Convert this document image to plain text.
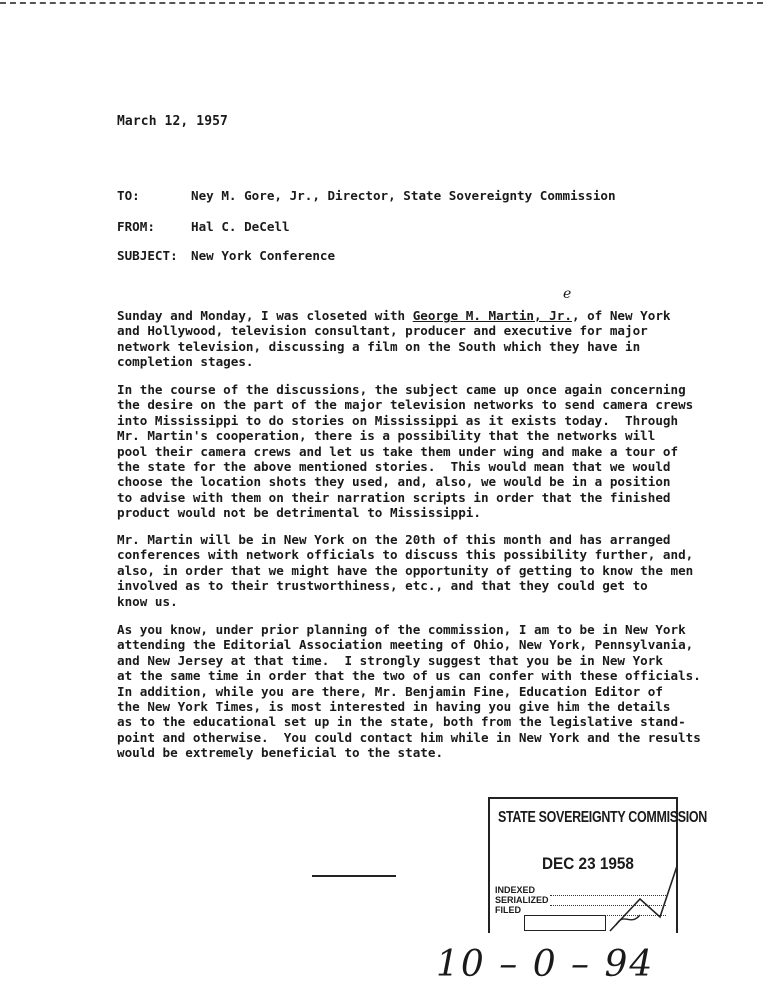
March 12, 1957
TO:	Ney M. Gore, Jr., Director, State Sovereignty Commission
FROM:	Hal C. DeCell
SUBJECT: New York Conference
e

Sunday and Monday, I was closeted with George M. Martin, Jr., of New York

and Hollywood, television consultant, producer and executive for major

network television, discussing a film on the South which they have in

completion stages.

In the course of the discussions, the subject came up once again concerning

the desire on the part of the major television networks to send camera crews

into Mississippi to do stories on Mississippi as it exists today.  Through

Mr. Martin's cooperation, there is a possibility that the networks will

pool their camera crews and let us take them under wing and make a tour of

the state for the above mentioned stories.  This would mean that we would

choose the location shots they used, and, also, we would be in a position

to advise with them on their narration scripts in order that the finished

product would not be detrimental to Mississippi.

Mr. Martin will be in New York on the 20th of this month and has arranged

conferences with network officials to discuss this possibility further, and,

also, in order that we might have the opportunity of getting to know the men

involved as to their trustworthiness, etc., and that they could get to

know us.

As you know, under prior planning of the commission, I am to be in New York

attending the Editorial Association meeting of Ohio, New York, Pennsylvania,

and New Jersey at that time.  I strongly suggest that you be in New York

at the same time in order that the two of us can confer with these officials.

In addition, while you are there, Mr. Benjamin Fine, Education Editor of

the New York Times, is most interested in having you give him the details

as to the educational set up in the state, both from the legislative stand-

point and otherwise.  You could contact him while in New York and the results

would be extremely beneficial to the state.

STATE SOVEREIGNTY COMMISSION
DEC 23 1958
INDEXED
SERIALIZED
FILED
10 – 0 – 94
